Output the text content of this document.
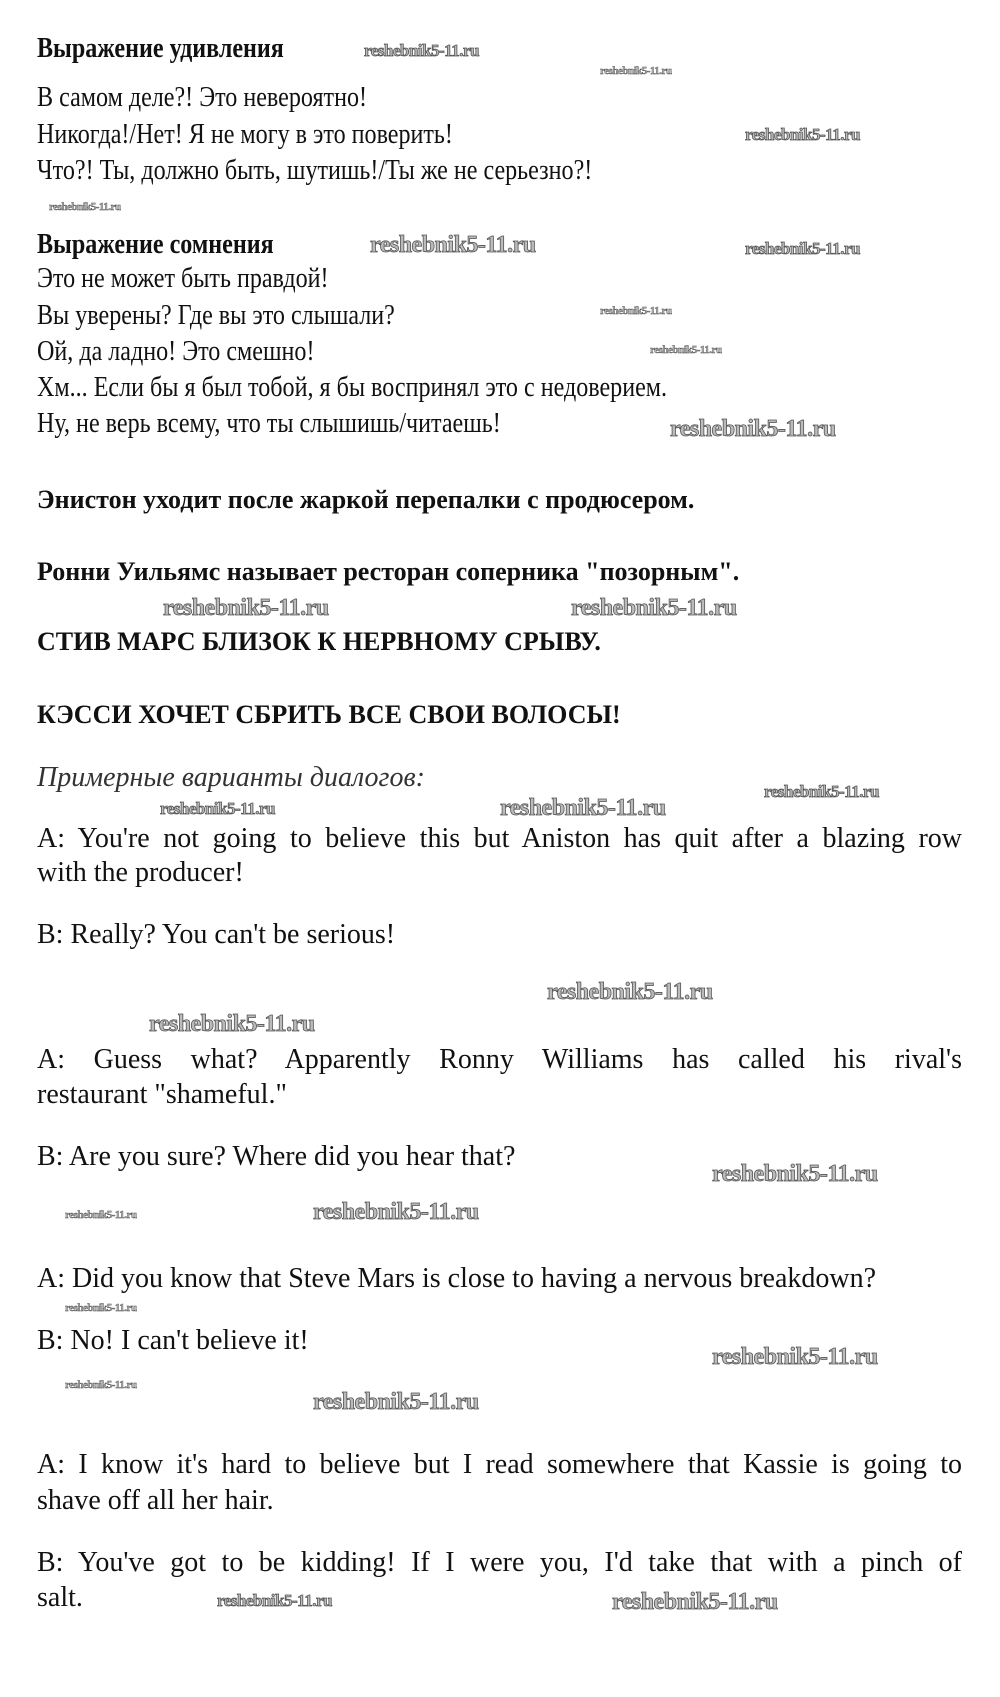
Выражение удивления
В самом деле?! Это невероятно!
Никогда!/Нет! Я не могу в это поверить!
Что?! Ты, должно быть, шутишь!/Ты же не серьезно?!
Выражение сомнения
Это не может быть правдой!
Вы уверены? Где вы это слышали?
Ой, да ладно! Это смешно!
Хм... Если бы я был тобой, я бы воспринял это с недоверием.
Ну, не верь всему, что ты слышишь/читаешь!
Энистон уходит после жаркой перепалки с продюсером.
Ронни Уильямс называет ресторан соперника "позорным".
СТИВ МАРС БЛИЗОК К НЕРВНОМУ СРЫВУ.
КЭССИ ХОЧЕТ СБРИТЬ ВСЕ СВОИ ВОЛОСЫ!
Примерные варианты диалогов:
A: You're not going to believe this but Aniston has quit after a blazing row
with the producer!
B: Really? You can't be serious!
A: Guess what? Apparently Ronny Williams has called his rival's
restaurant "shameful."
B: Are you sure? Where did you hear that?
A: Did you know that Steve Mars is close to having a nervous breakdown?
B: No! I can't believe it!
A: I know it's hard to believe but I read somewhere that Kassie is going to
shave off all her hair.
B: You've got to be kidding! If I were you, I'd take that with a pinch of
salt.
reshebnik5-11.ru
reshebnik5-11.ru
reshebnik5-11.ru
reshebnik5-11.ru
reshebnik5-11.ru	reshebnik5-11.ru
reshebnik5-11.ru
reshebnik5-11.ru
reshebnik5-11.ru
reshebnik5-11.ru	reshebnik5-11.ru
reshebnik5-11.ru
reshebnik5-11.ru	reshebnik5-11.ru
reshebnik5-11.ru
reshebnik5-11.ru
reshebnik5-11.ru
reshebnik5-11.ru	reshebnik5-11.ru
reshebnik5-11.ru
reshebnik5-11.ru
reshebnik5-11.ru
reshebnik5-11.ru
reshebnik5-11.ru	reshebnik5-11.ru
